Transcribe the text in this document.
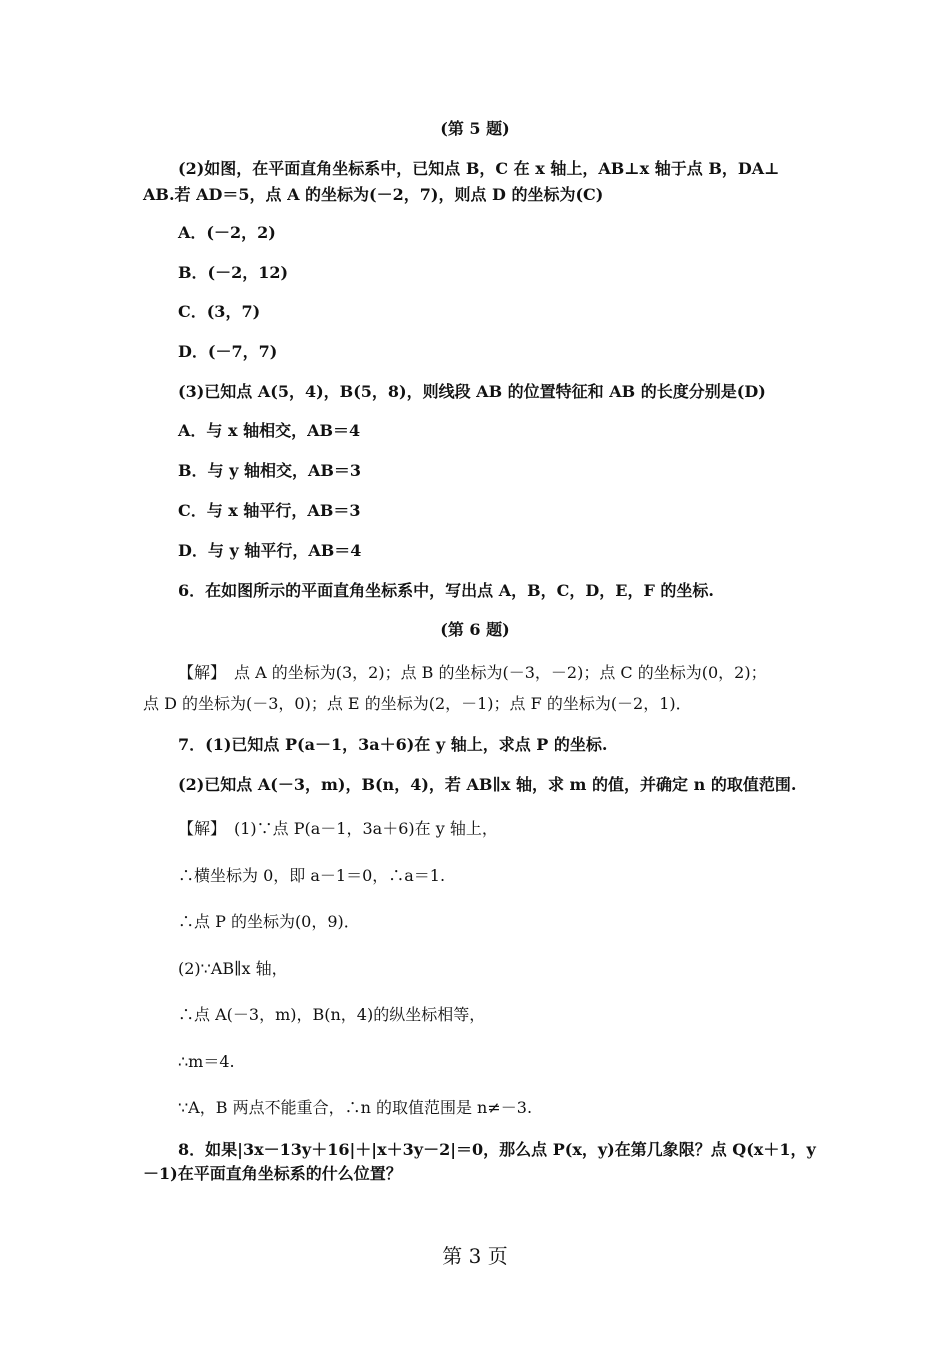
(第 5 题)
(2)如图，在平面直角坐标系中，已知点 B，C 在 x 轴上，AB⊥x 轴于点 B，DA⊥
AB.若 AD＝5，点 A 的坐标为(－2，7)，则点 D 的坐标为(C)
A．(－2，2)
B．(－2，12)
C．(3，7)
D．(－7，7)
(3)已知点 A(5，4)，B(5，8)，则线段 AB 的位置特征和 AB 的长度分别是(D)
A．与 x 轴相交，AB＝4
B．与 y 轴相交，AB＝3
C．与 x 轴平行，AB＝3
D．与 y 轴平行，AB＝4
6．在如图所示的平面直角坐标系中，写出点 A，B，C，D，E，F 的坐标.
(第 6 题)
【解】　点 A 的坐标为(3，2)；点 B 的坐标为(－3，－2)；点 C 的坐标为(0，2)；
点 D 的坐标为(－3，0)；点 E 的坐标为(2，－1)；点 F 的坐标为(－2，1)．
7．(1)已知点 P(a－1，3a＋6)在 y 轴上，求点 P 的坐标.
(2)已知点 A(－3，m)，B(n，4)，若 AB∥x 轴，求 m 的值，并确定 n 的取值范围.
【解】　(1)∵点 P(a－1，3a＋6)在 y 轴上，
∴横坐标为 0，即 a－1＝0，∴a＝1.
∴点 P 的坐标为(0，9)．
(2)∵AB∥x 轴，
∴点 A(－3，m)，B(n，4)的纵坐标相等，
∴m＝4.
∵A，B 两点不能重合，∴n 的取值范围是 n≠－3.
8．如果|3x－13y＋16|＋|x＋3y－2|＝0，那么点 P(x，y)在第几象限？点 Q(x＋1，y
－1)在平面直角坐标系的什么位置？
第 3 页
